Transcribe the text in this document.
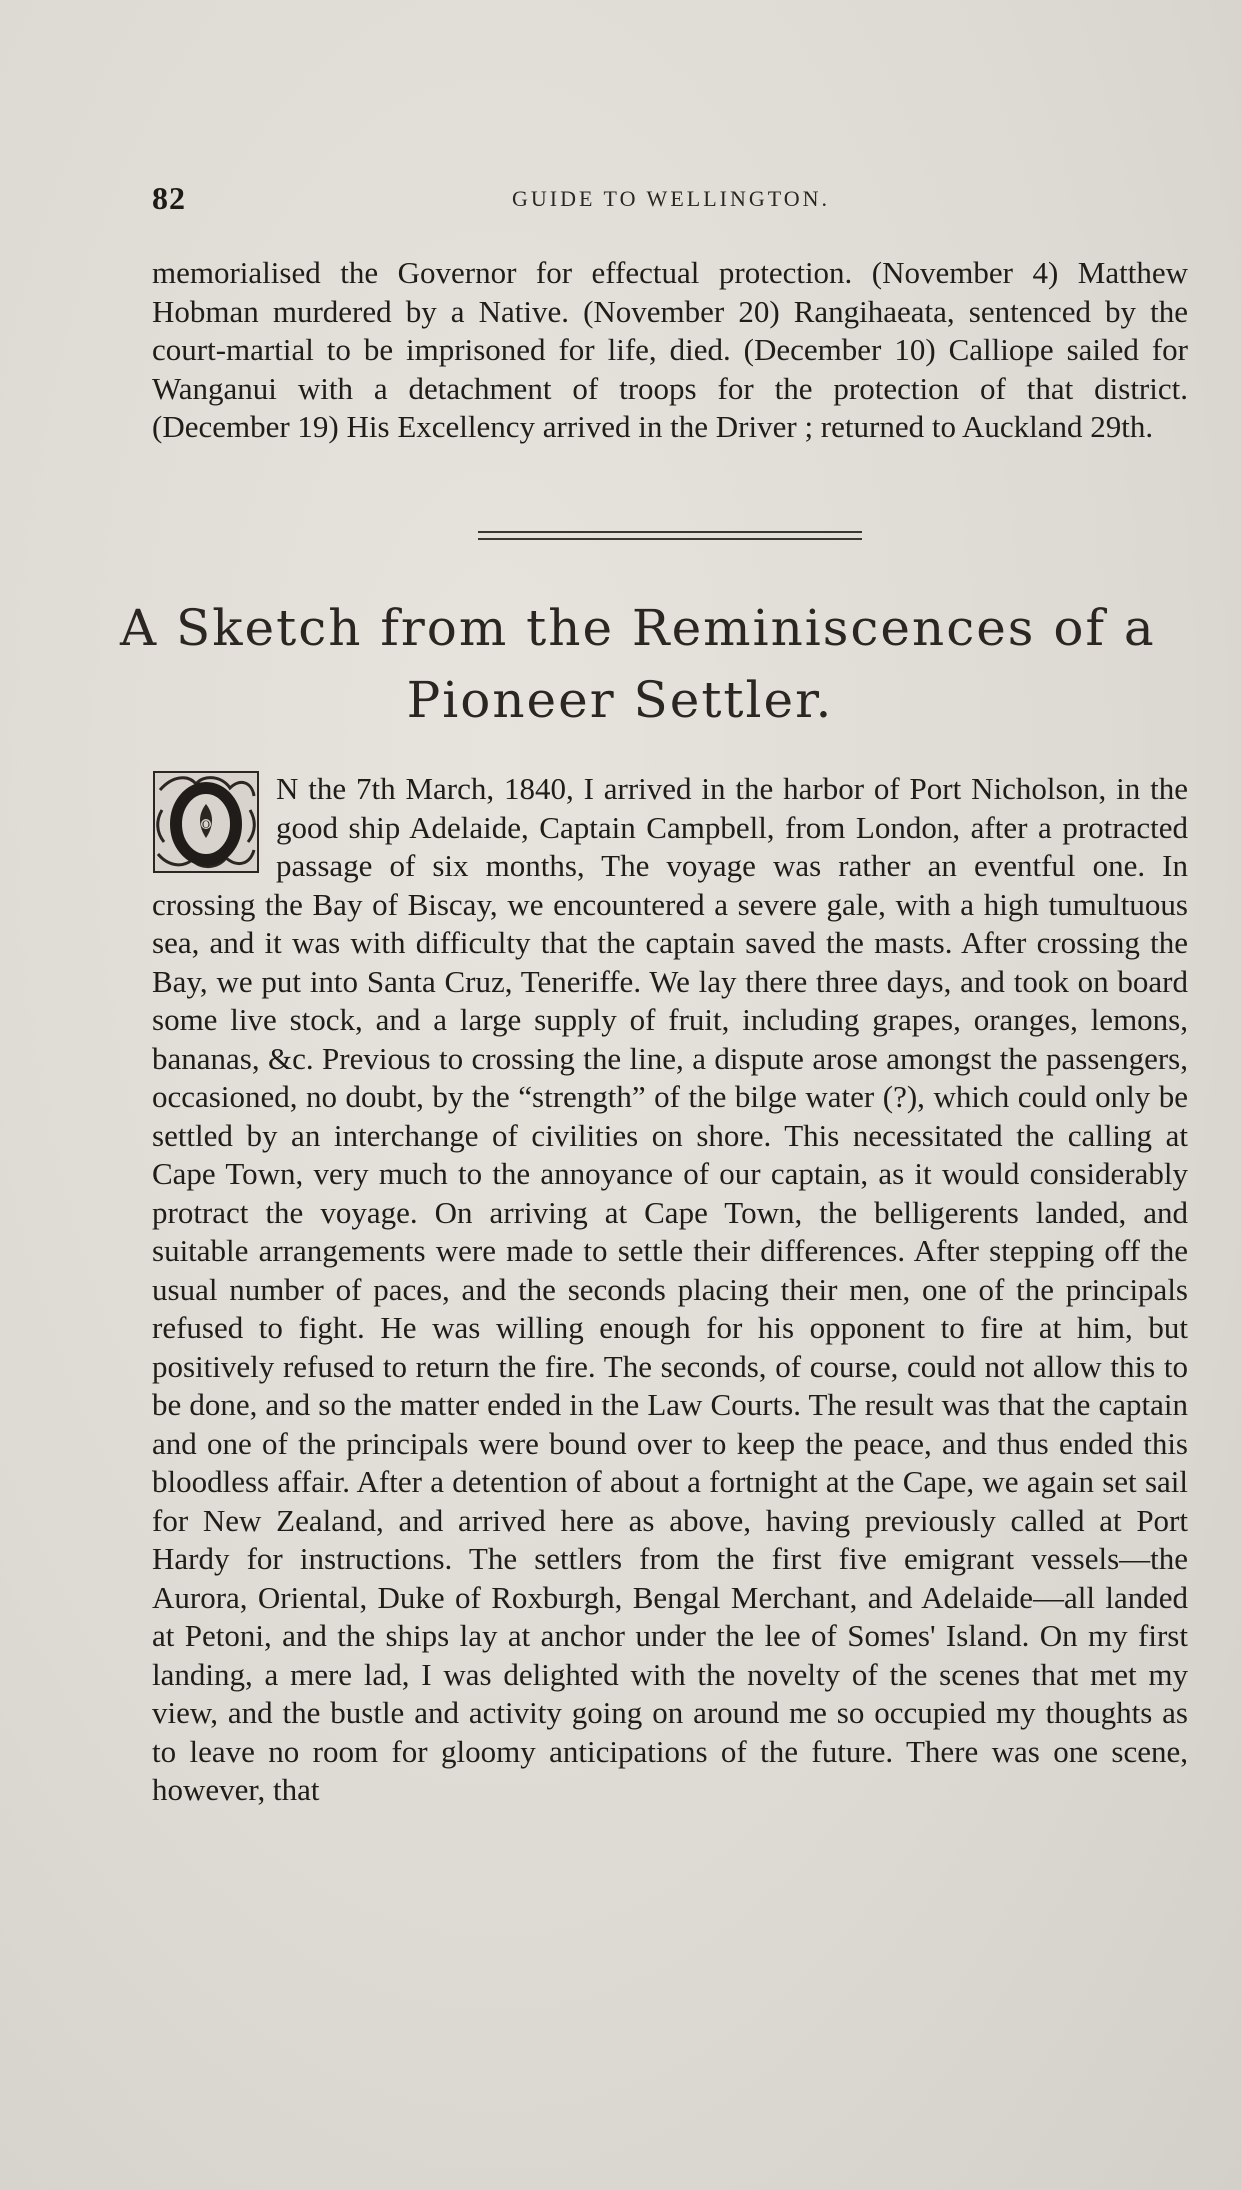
82	GUIDE TO WELLINGTON.
memorialised the Governor for effectual protection. (November 4) Matthew Hobman murdered by a Native. (November 20) Rangihaeata, sentenced by the court-martial to be imprisoned for life, died. (December 10) Calliope sailed for Wanganui with a detachment of troops for the protection of that district. (December 19) His Excellency arrived in the Driver ; returned to Auckland 29th.
A Sketch from the Reminiscences of a
Pioneer Settler.
O
N the 7th March, 1840, I arrived in the harbor of Port Nicholson, in the good ship Adelaide, Captain Campbell, from London, after a protracted passage of six months, The voyage was rather an eventful one. In crossing the Bay of Biscay, we encountered a severe gale, with a high tumultuous sea, and it was with difficulty that the captain saved the masts. After crossing the Bay, we put into Santa Cruz, Teneriffe. We lay there three days, and took on board some live stock, and a large supply of fruit, including grapes, oranges, lemons, bananas, &c. Previous to crossing the line, a dispute arose amongst the passengers, occasioned, no doubt, by the “strength” of the bilge water (?), which could only be settled by an interchange of civilities on shore. This necessitated the calling at Cape Town, very much to the annoyance of our captain, as it would considerably protract the voyage. On arriving at Cape Town, the belligerents landed, and suitable arrangements were made to settle their differences. After stepping off the usual number of paces, and the seconds placing their men, one of the principals refused to fight. He was willing enough for his opponent to fire at him, but positively refused to return the fire. The seconds, of course, could not allow this to be done, and so the matter ended in the Law Courts. The result was that the captain and one of the principals were bound over to keep the peace, and thus ended this bloodless affair. After a detention of about a fortnight at the Cape, we again set sail for New Zealand, and arrived here as above, having previously called at Port Hardy for instructions. The settlers from the first five emigrant vessels—the Aurora, Oriental, Duke of Roxburgh, Bengal Merchant, and Adelaide—all landed at Petoni, and the ships lay at anchor under the lee of Somes' Island. On my first landing, a mere lad, I was delighted with the novelty of the scenes that met my view, and the bustle and activity going on around me so occupied my thoughts as to leave no room for gloomy anticipations of the future. There was one scene, however, that
